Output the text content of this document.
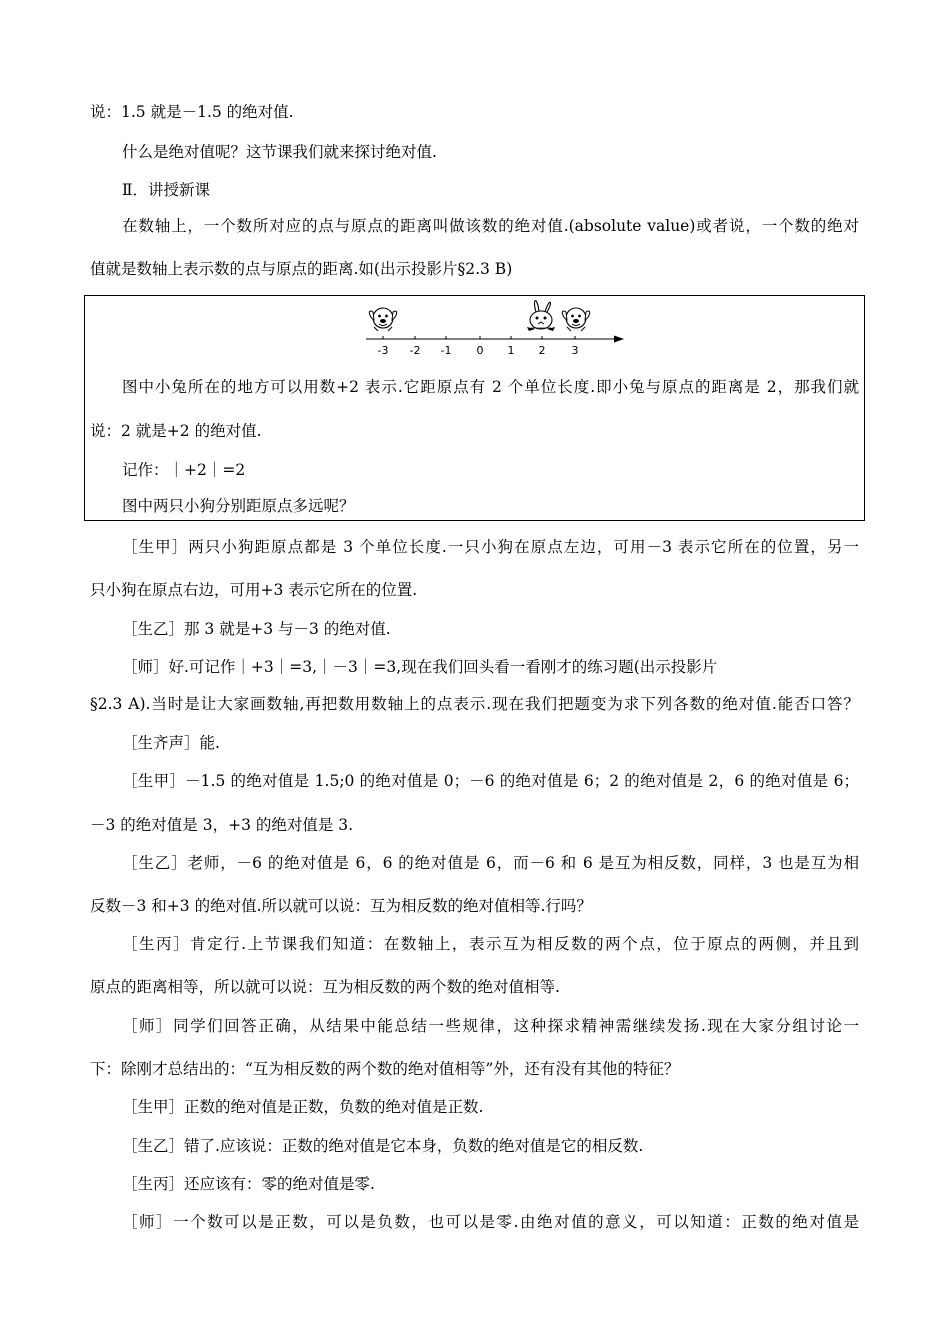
说：1.5 就是－1.5 的绝对值.
什么是绝对值呢？这节课我们就来探讨绝对值.
Ⅱ．讲授新课
在数轴上，一个数所对应的点与原点的距离叫做该数的绝对值.(absolute value)或者说，一个数的绝对
值就是数轴上表示数的点与原点的距离.如(出示投影片§2.3 B)
-3 -2 -1 0 1 2 3
图中小兔所在的地方可以用数+2 表示.它距原点有 2 个单位长度.即小兔与原点的距离是 2，那我们就
说：2 就是+2 的绝对值.
记作：｜+2｜=2
图中两只小狗分别距原点多远呢？
［生甲］两只小狗距原点都是 3 个单位长度.一只小狗在原点左边，可用－3 表示它所在的位置，另一
只小狗在原点右边，可用+3 表示它所在的位置.
［生乙］那 3 就是+3 与－3 的绝对值.
［师］好.可记作｜+3｜=3,｜－3｜=3,现在我们回头看一看刚才的练习题(出示投影片
§2.3 A).当时是让大家画数轴,再把数用数轴上的点表示.现在我们把题变为求下列各数的绝对值.能否口答？
［生齐声］能.
［生甲］－1.5 的绝对值是 1.5;0 的绝对值是 0；－6 的绝对值是 6；2 的绝对值是 2，6 的绝对值是 6；
－3 的绝对值是 3，+3 的绝对值是 3.
［生乙］老师，－6 的绝对值是 6，6 的绝对值是 6，而－6 和 6 是互为相反数，同样，3 也是互为相
反数－3 和+3 的绝对值.所以就可以说：互为相反数的绝对值相等.行吗？
［生丙］肯定行.上节课我们知道：在数轴上，表示互为相反数的两个点，位于原点的两侧，并且到
原点的距离相等，所以就可以说：互为相反数的两个数的绝对值相等.
［师］同学们回答正确，从结果中能总结一些规律，这种探求精神需继续发扬.现在大家分组讨论一
下：除刚才总结出的：“互为相反数的两个数的绝对值相等”外，还有没有其他的特征？
［生甲］正数的绝对值是正数，负数的绝对值是正数.
［生乙］错了.应该说：正数的绝对值是它本身，负数的绝对值是它的相反数.
［生丙］还应该有：零的绝对值是零.
［师］一个数可以是正数，可以是负数，也可以是零.由绝对值的意义，可以知道：正数的绝对值是
